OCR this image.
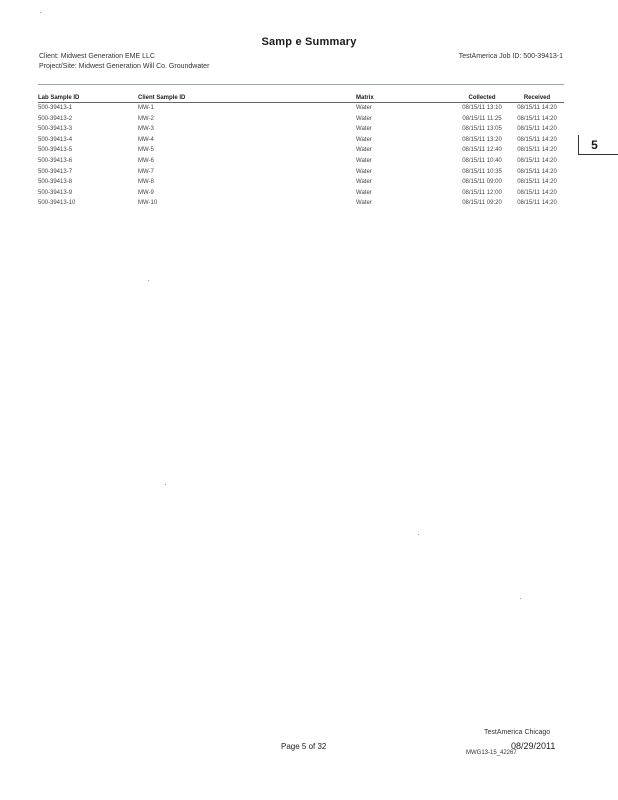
Samp e Summary
Client: Midwest Generation EME LLC
Project/Site: Midwest Generation Will Co. Groundwater
TestAmerica Job ID: 500-39413-1
Lab Sample ID	Client Sample ID	Matrix	Collected	Received
500-39413-1	MW-1	Water	08/15/11 13:10	08/15/11 14:20
500-39413-2	MW-2	Water	08/15/11 11:25	08/15/11 14:20
500-39413-3	MW-3	Water	08/15/11 13:05	08/15/11 14:20
500-39413-4	MW-4	Water	08/15/11 13:20	08/15/11 14:20
500-39413-5	MW-5	Water	08/15/11 12:40	08/15/11 14:20
500-39413-6	MW-6	Water	08/15/11 10:40	08/15/11 14:20
500-39413-7	MW-7	Water	08/15/11 10:35	08/15/11 14:20
500-39413-8	MW-8	Water	08/15/11 09:00	08/15/11 14:20
500-39413-9	MW-9	Water	08/15/11 12:00	08/15/11 14:20
500-39413-10	MW-10	Water	08/15/11 09:20	08/15/11 14:20
5
TestAmerica Chicago
Page 5 of 32	08/29/2011
MWG13-15_42267
